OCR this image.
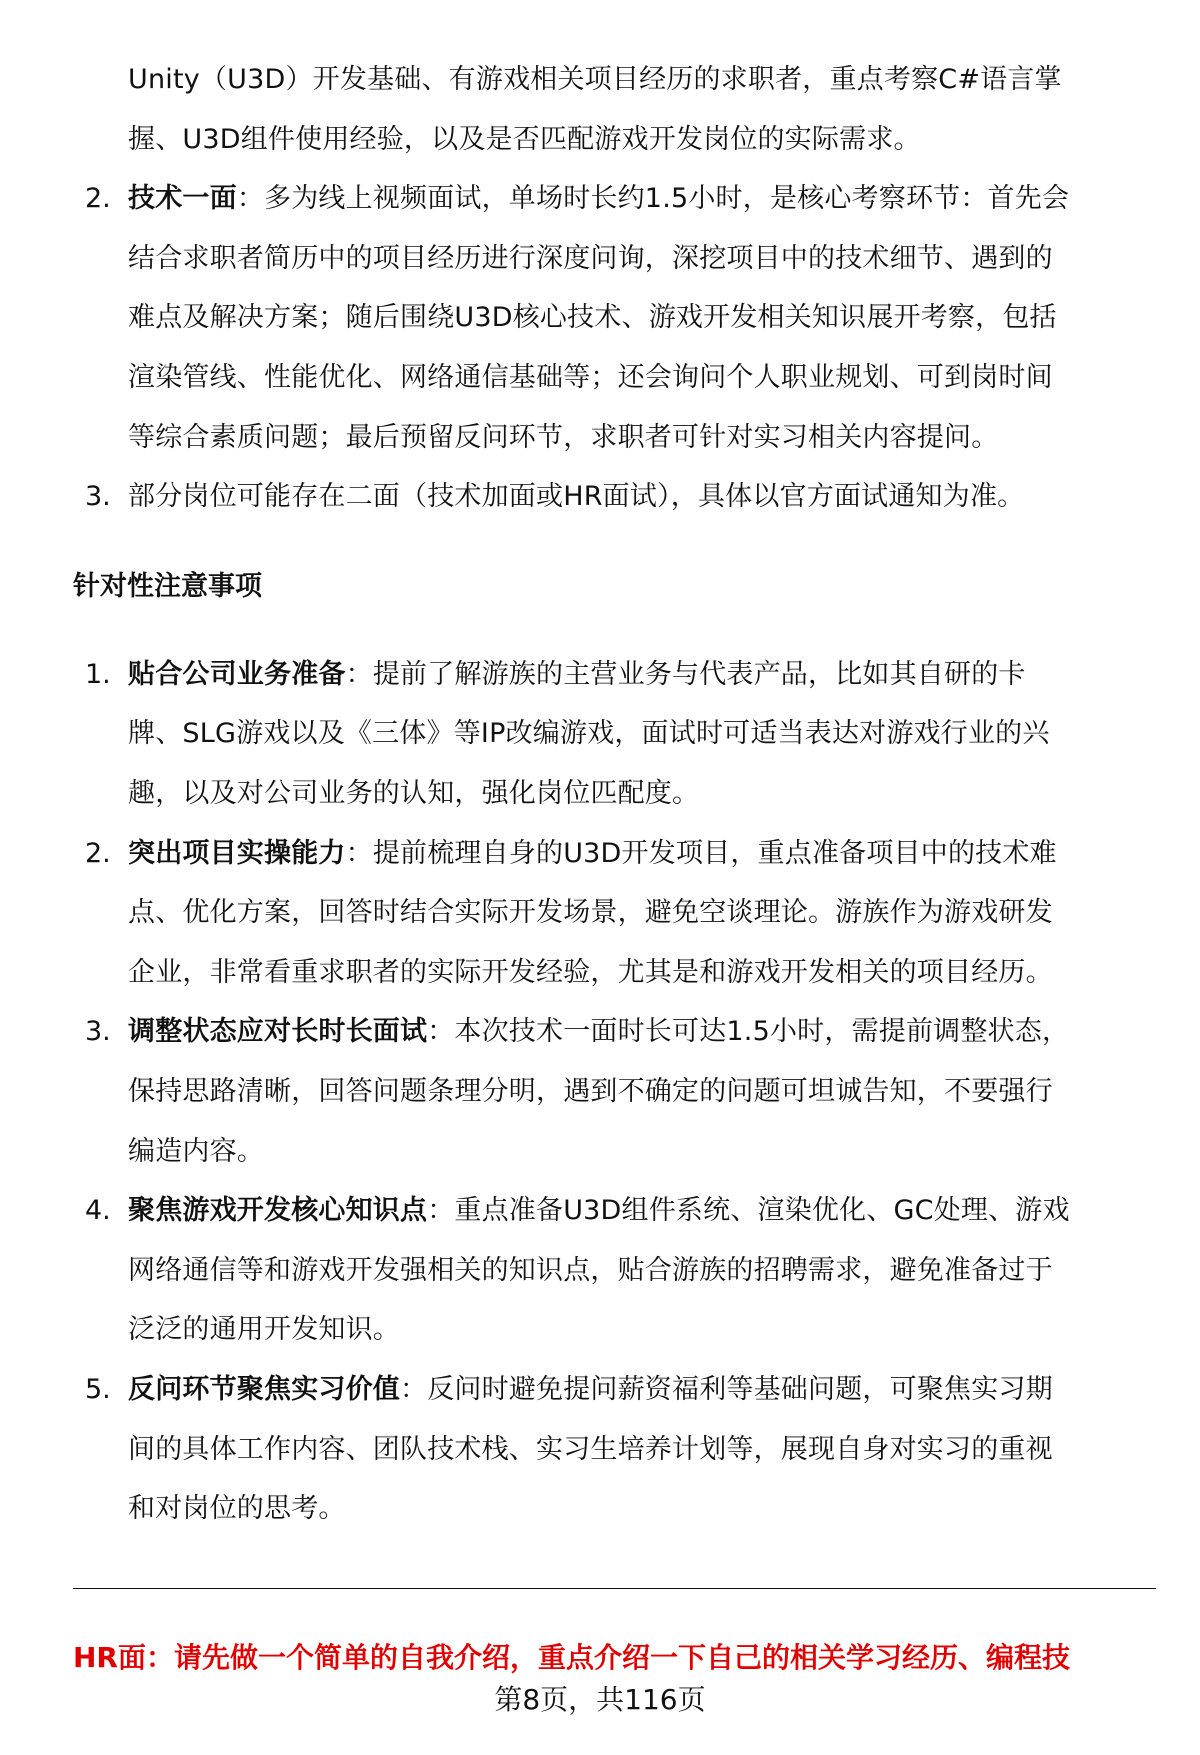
Unity（U3D）开发基础、有游戏相关项目经历的求职者，重点考察C#语言掌
握、U3D组件使用经验，以及是否匹配游戏开发岗位的实际需求。
2. 技术一面：多为线上视频面试，单场时长约1.5小时，是核心考察环节：首先会
结合求职者简历中的项目经历进行深度问询，深挖项目中的技术细节、遇到的
难点及解决方案；随后围绕U3D核心技术、游戏开发相关知识展开考察，包括
渲染管线、性能优化、网络通信基础等；还会询问个人职业规划、可到岗时间
等综合素质问题；最后预留反问环节，求职者可针对实习相关内容提问。
3. 部分岗位可能存在二面（技术加面或HR面试），具体以官方面试通知为准。
针对性注意事项
1. 贴合公司业务准备：提前了解游族的主营业务与代表产品，比如其自研的卡
牌、SLG游戏以及《三体》等IP改编游戏，面试时可适当表达对游戏行业的兴
趣，以及对公司业务的认知，强化岗位匹配度。
2. 突出项目实操能力：提前梳理自身的U3D开发项目，重点准备项目中的技术难
点、优化方案，回答时结合实际开发场景，避免空谈理论。游族作为游戏研发
企业，非常看重求职者的实际开发经验，尤其是和游戏开发相关的项目经历。
3. 调整状态应对长时长面试：本次技术一面时长可达1.5小时，需提前调整状态，
保持思路清晰，回答问题条理分明，遇到不确定的问题可坦诚告知，不要强行
编造内容。
4. 聚焦游戏开发核心知识点：重点准备U3D组件系统、渲染优化、GC处理、游戏
网络通信等和游戏开发强相关的知识点，贴合游族的招聘需求，避免准备过于
泛泛的通用开发知识。
5. 反问环节聚焦实习价值：反问时避免提问薪资福利等基础问题，可聚焦实习期
间的具体工作内容、团队技术栈、实习生培养计划等，展现自身对实习的重视
和对岗位的思考。
HR面：请先做一个简单的自我介绍，重点介绍一下自己的相关学习经历、编程技
第8页，共116页
